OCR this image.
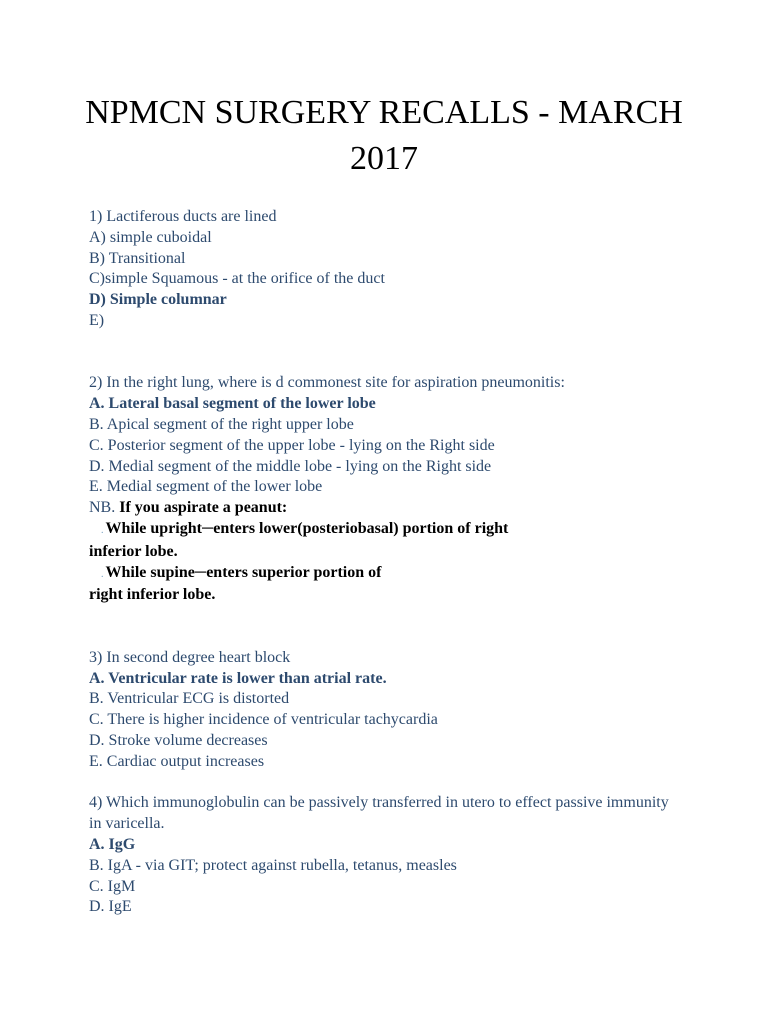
NPMCN SURGERY RECALLS - MARCH
2017
1) Lactiferous ducts are lined
A) simple cuboidal
B) Transitional
C)simple Squamous - at the orifice of the duct
D) Simple columnar
E)
2) In the right lung, where is d commonest site for aspiration pneumonitis:
A. Lateral basal segment of the lower lobe
B. Apical segment of the right upper lobe
C. Posterior segment of the upper lobe - lying on the Right side
D. Medial segment of the middle lobe - lying on the Right side
E. Medial segment of the lower lobe
NB. If you aspirate a peanut:
. While upright─enters lower(posteriobasal) portion of right
inferior lobe.
. While supine─enters superior portion of
right inferior lobe.
3) In second degree heart block
A. Ventricular rate is lower than atrial rate.
B. Ventricular ECG is distorted
C. There is higher incidence of ventricular tachycardia
D. Stroke volume decreases
E. Cardiac output increases
4) Which immunoglobulin can be passively transferred in utero to effect passive immunity in varicella.
A. IgG
B. IgA - via GIT; protect against rubella, tetanus, measles
C. IgM
D. IgE
